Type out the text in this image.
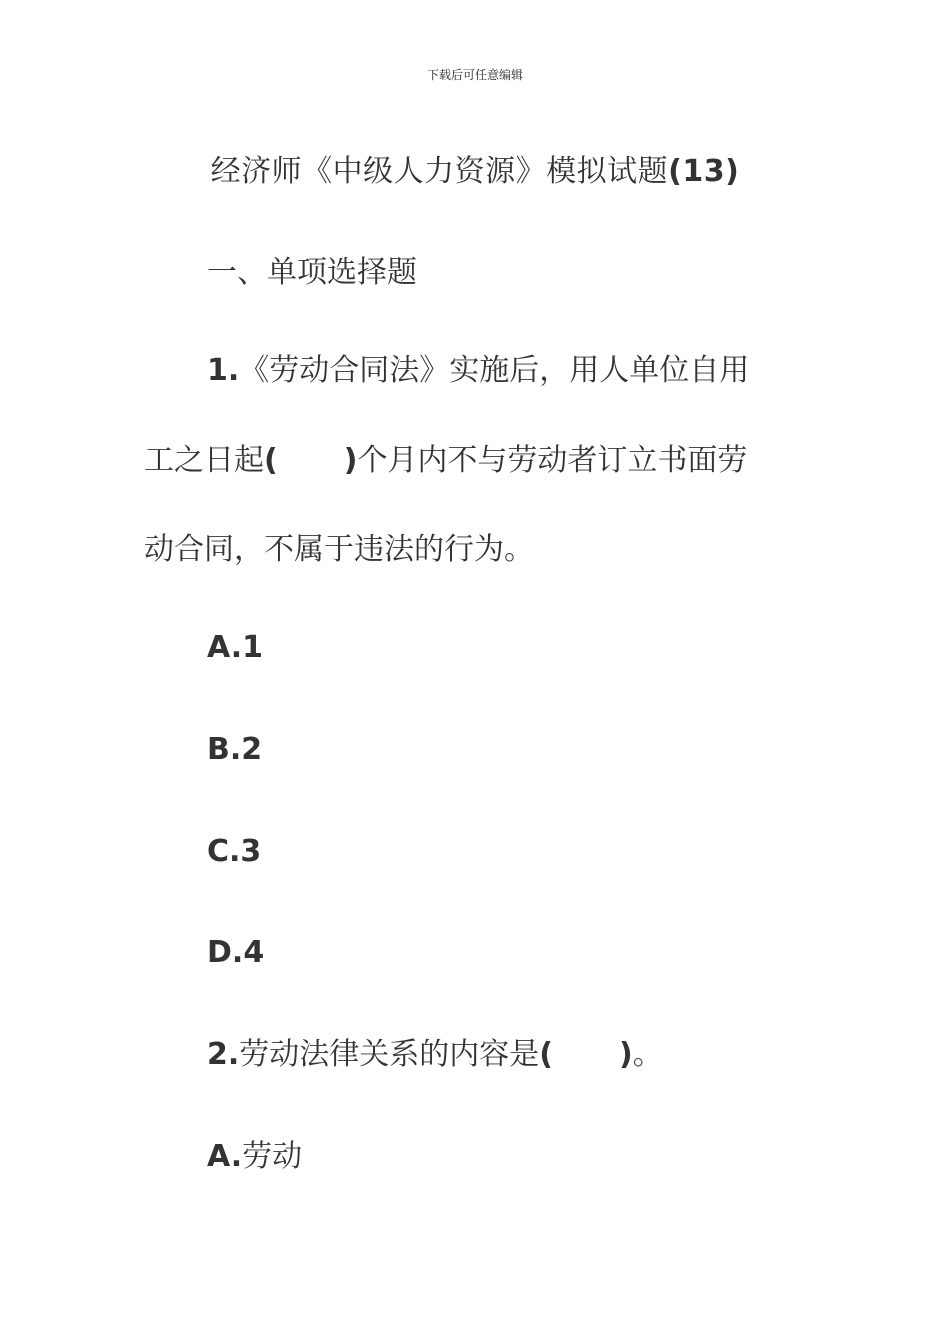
下载后可任意编辑
经济师《中级人力资源》模拟试题(13)
一、单项选择题
1.《劳动合同法》实施后，用人单位自用
工之日起( )个月内不与劳动者订立书面劳
动合同，不属于违法的行为。
A.1
B.2
C.3
D.4
2.劳动法律关系的内容是( )。
A.劳动
